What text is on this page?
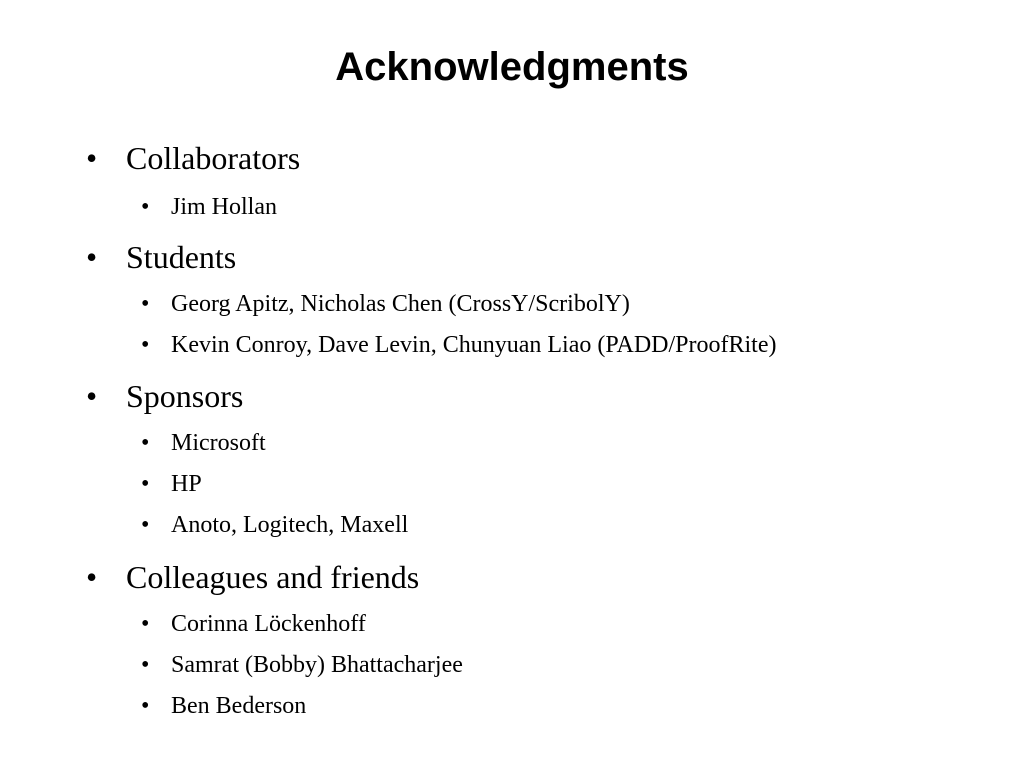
Acknowledgments
• Collaborators
• Jim Hollan
• Students
• Georg Apitz, Nicholas Chen (CrossY/ScribolY)
• Kevin Conroy, Dave Levin, Chunyuan Liao (PADD/ProofRite)
• Sponsors
• Microsoft
• HP
• Anoto, Logitech, Maxell
• Colleagues and friends
• Corinna Löckenhoff
• Samrat (Bobby) Bhattacharjee
• Ben Bederson
